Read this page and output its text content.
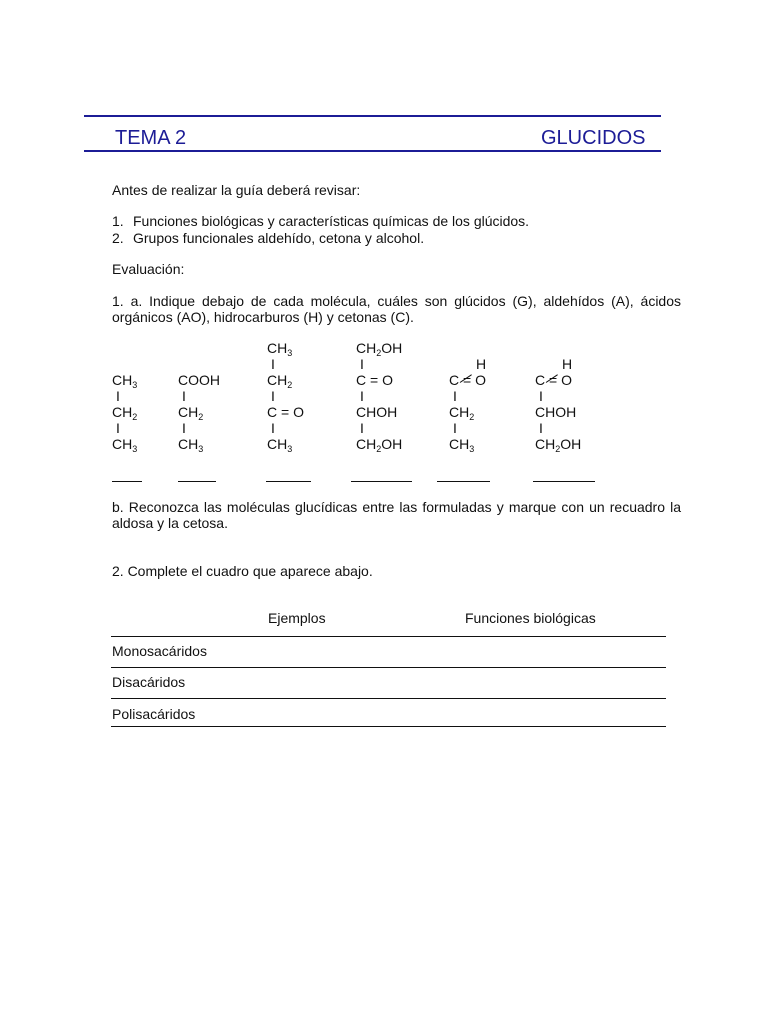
TEMA 2	GLUCIDOS
Antes de realizar la guía deberá revisar:
1. Funciones biológicas y características químicas de los glúcidos.
2. Grupos funcionales aldehído, cetona y alcohol.
Evaluación:
1. a. Indique debajo de cada molécula, cuáles son glúcidos (G), aldehídos (A), ácidos
orgánicos (AO), hidrocarburos (H) y cetonas (C).
$CH_3$
I
$CH_2$
I
$CH_3$
COOH
I
$CH_2$
I
$CH_3$
$CH_3$
I
$CH_2$
I
C = O
I
$CH_3$
$CH_2OH$
I
C = O
I
CHOH
I
$CH_2OH$
H
C = O
I
$CH_2$
I
$CH_3$
H
C = O
I
CHOH
I
$CH_2OH$
b. Reconozca las moléculas glucídicas entre las formuladas y marque con un recuadro la
aldosa y la cetosa.
2. Complete el cuadro que aparece abajo.
Ejemplos	Funciones biológicas
Monosacáridos
Disacáridos
Polisacáridos
